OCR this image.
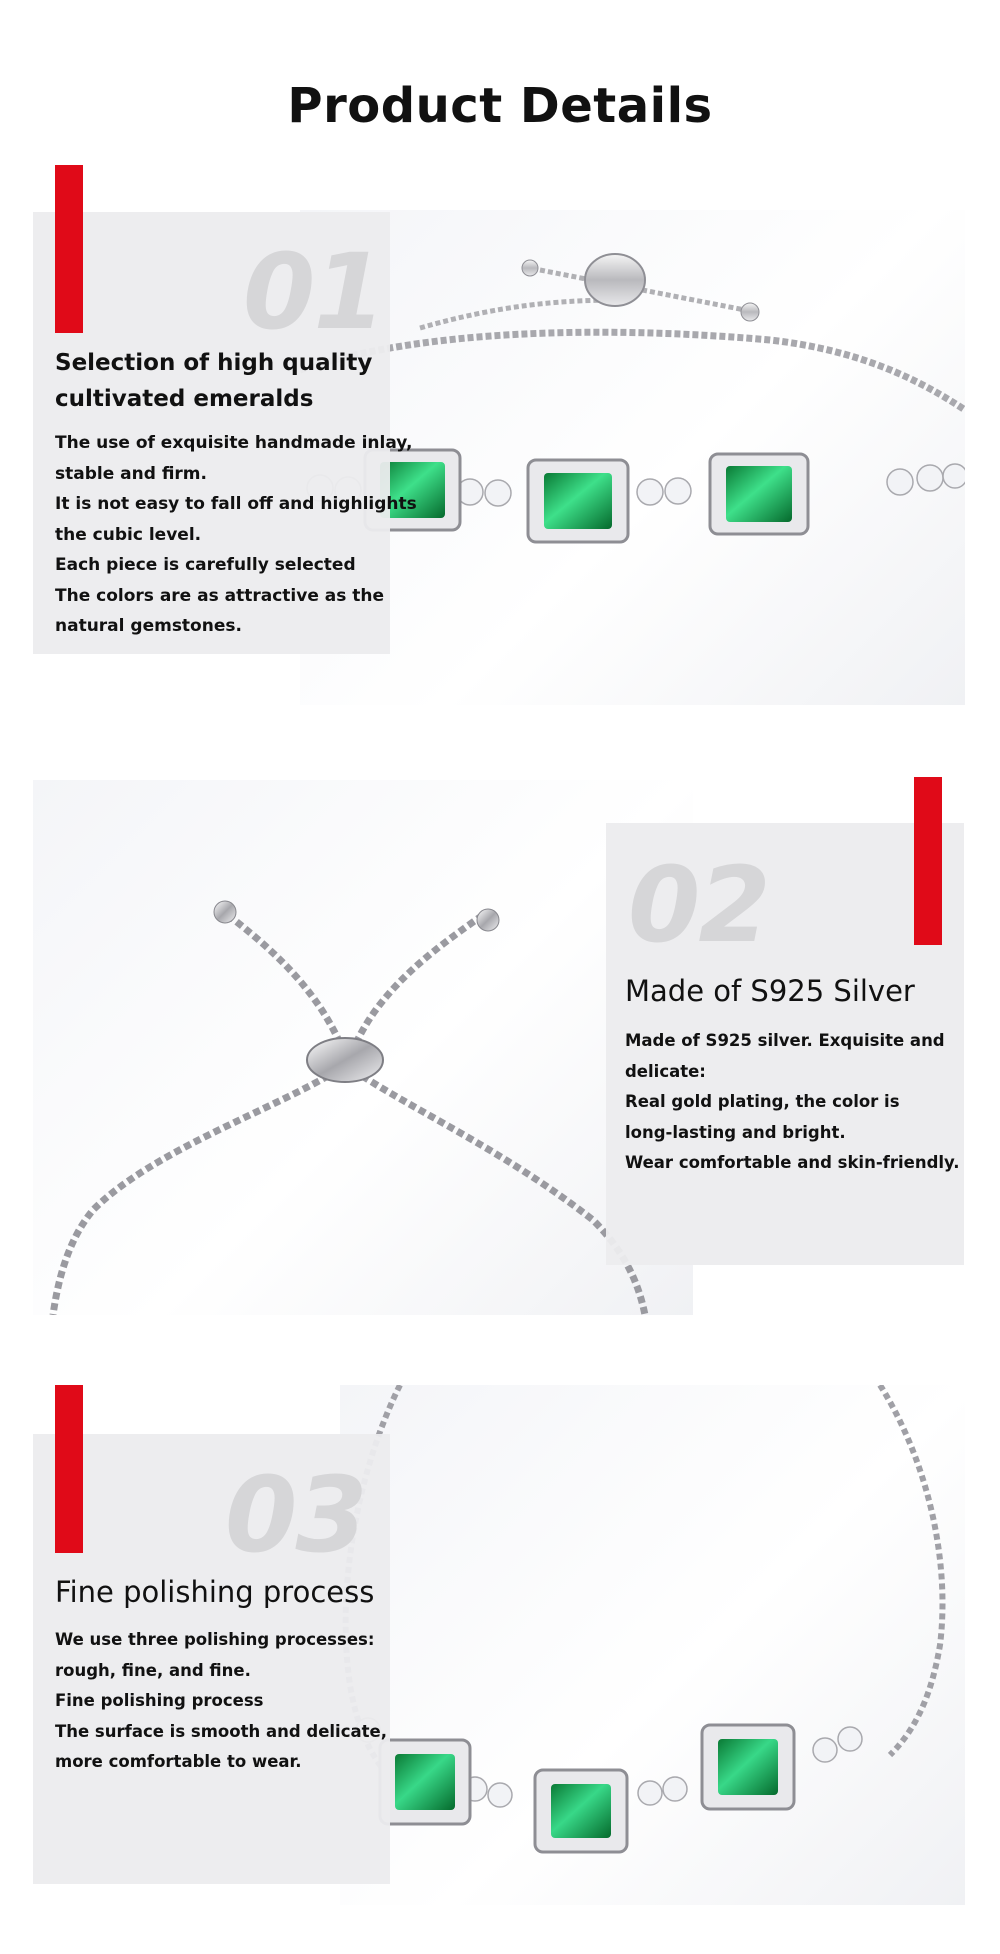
Product Details
01
Selection of high quality
cultivated emeralds

The use of exquisite handmade inlay,

stable and firm.

It is not easy to fall off and highlights

the cubic level.

Each piece is carefully selected

The colors are as attractive as the

natural gemstones.

02
Made of S925 Silver

Made of S925 silver. Exquisite and

delicate:

Real gold plating, the color is

long-lasting and bright.

Wear comfortable and skin-friendly.

03
Fine polishing process

We use three polishing processes:

rough, fine, and fine.

Fine polishing process

The surface is smooth and delicate,

more comfortable to wear.
